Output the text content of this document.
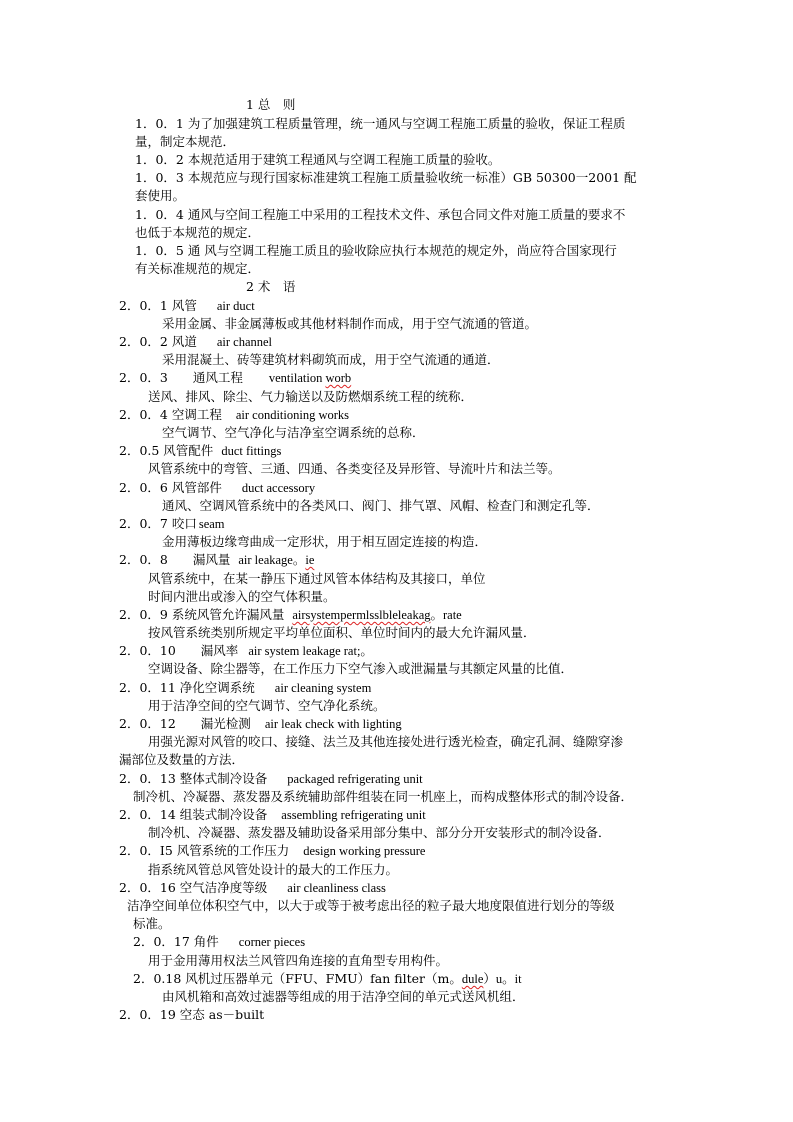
1 总　则
1．0．1 为了加强建筑工程质量管理，统一通风与空调工程施工质量的验收，保证工程质
量，制定本规范．
1．0．2 本规范适用于建筑工程通风与空调工程施工质量的验收。
1．0．3 本规范应与现行国家标准建筑工程施工质量验收统一标准）GB 50300一2001 配
套使用。
1．0．4 通风与空间工程施工中采用的工程技术文件、承包合同文件对施工质量的要求不
也低于本规范的规定．
1．0．5 通 风与空调工程施工质且的验收除应执行本规范的规定外，尚应符合国家现行
有关标准规范的规定．
2 术　语
2．0．1 风管 air duct
采用金属、非金属薄板或其他材料制作而成，用于空气流通的管道。
2．0．2 风道 air channel
采用混凝土、砖等建筑材料砌筑而成，用于空气流通的通道．
2．0．3　　通风工程 ventilation worb
送风、排风、除尘、气力输送以及防燃烟系统工程的统称．
2．0．4 空调工程 air conditioning works
空气调节、空气净化与洁净室空调系统的总称．
2．0.5 风管配件 duct fittings
风管系统中的弯管、三通、四通、各类变径及异形管、导流叶片和法兰等。
2．0．6 风管部件 duct accessory
通风、空调风管系统中的各类风口、阀门、排气罩、风帽、检查门和测定孔等．
2．0．7 咬口 seam
金用薄板边缘弯曲成一定形状，用于相互固定连接的构造．
2．0．8　　漏风量 air leakage。ie
风管系统中，在某一静压下通过风管本体结构及其接口，单位
时间内泄出或渗入的空气体积量。
2．0．9 系统风管允许漏风量 airsystempermlsslbleleakag。rate
按风管系统类别所规定平均单位面积、单位时间内的最大允许漏风量．
2．0．10　　漏风率 air system leakage rat;。
空调设备、除尘器等，在工作压力下空气渗入或泄漏量与其额定风量的比值．
2．0．11 净化空调系统 air cleaning system
用于洁净空间的空气调节、空气净化系统。
2．0．12　　漏光检测 air leak check with lighting
用强光源对风管的咬口、接缝、法兰及其他连接处进行透光检查，确定孔洞、缝隙穿渗
漏部位及数量的方法．
2．0．13 整体式制冷设备 packaged refrigerating unit
制冷机、冷凝器、蒸发器及系统辅助部件组装在同一机座上，而构成整体形式的制冷设备．
2．0．14 组装式制冷设备 assembling refrigerating unit
制冷机、冷凝器、蒸发器及辅助设备采用部分集中、部分分开安装形式的制冷设备．
2．0．I5 风管系统的工作压力 design working pressure
指系统风管总风管处设计的最大的工作压力。
2．0．16 空气洁净度等级 air cleanliness class
洁净空间单位体积空气中，以大于或等于被考虑出径的粒子最大地度限值进行划分的等级
标准。
2．0．17 角件 corner pieces
用于金用薄用权法兰风管四角连接的直角型专用构件。
2．0.18 风机过压器单元（FFU、FMU）fan filter（m。dule）u。it
由风机箱和高效过滤器等组成的用于洁净空间的单元式送风机组．
2．0．19 空态 as－built
